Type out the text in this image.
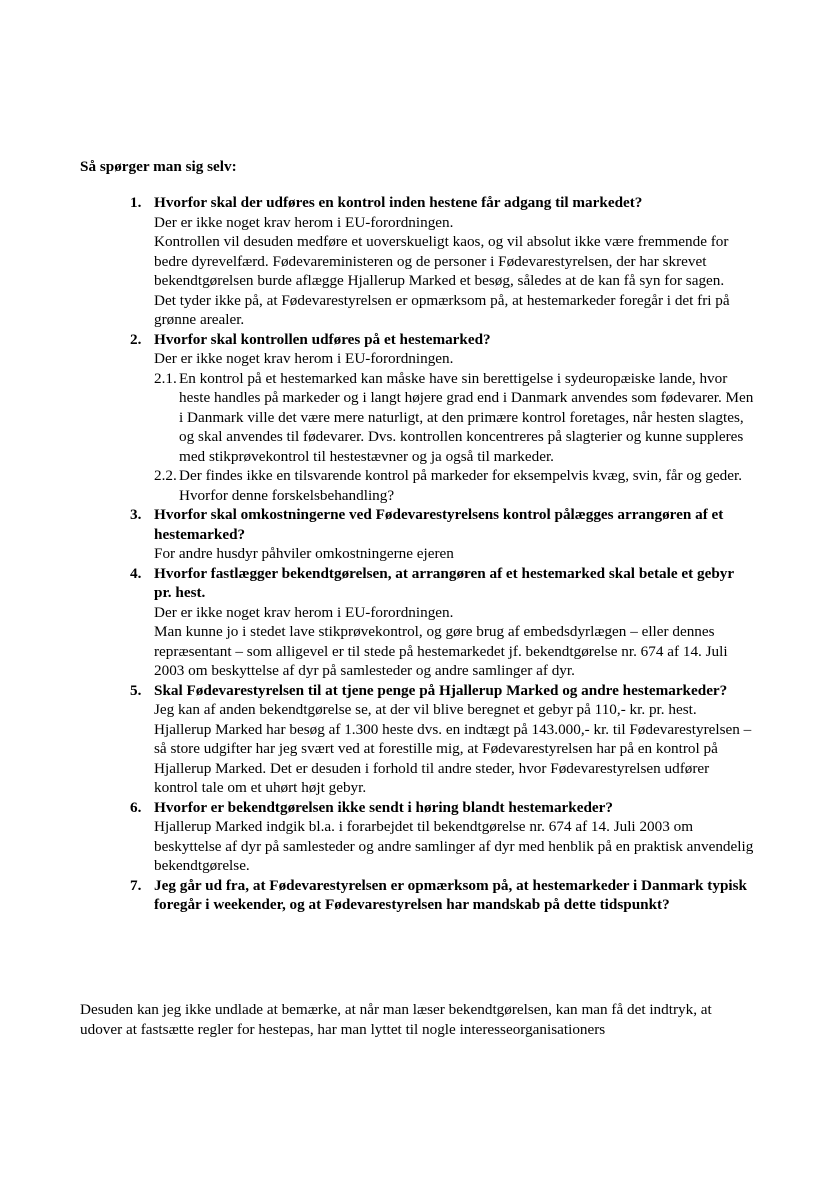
Så spørger man sig selv:

1. Hvorfor skal der udføres en kontrol inden hestene får adgang til markedet?
Der er ikke noget krav herom i EU-forordningen.
Kontrollen vil desuden medføre et uoverskueligt kaos, og vil absolut ikke være fremmende for bedre dyrevelfærd. Fødevareministeren og de personer i Fødevarestyrelsen, der har skrevet bekendtgørelsen burde aflægge Hjallerup Marked et besøg, således at de kan få syn for sagen.
Det tyder ikke på, at Fødevarestyrelsen er opmærksom på, at hestemarkeder foregår i det fri på grønne arealer.
2. Hvorfor skal kontrollen udføres på et hestemarked?
Der er ikke noget krav herom i EU-forordningen.
2.1. En kontrol på et hestemarked kan måske have sin berettigelse i sydeuropæiske lande, hvor heste handles på markeder og i langt højere grad end i Danmark anvendes som fødevarer. Men i Danmark ville det være mere naturligt, at den primære kontrol foretages, når hesten slagtes, og skal anvendes til fødevarer. Dvs. kontrollen koncentreres på slagterier og kunne suppleres med stikprøvekontrol til hestestævner og ja også til markeder.
2.2. Der findes ikke en tilsvarende kontrol på markeder for eksempelvis kvæg, svin, får og geder. Hvorfor denne forskelsbehandling?
3. Hvorfor skal omkostningerne ved Fødevarestyrelsens kontrol pålægges arrangøren af et hestemarked?
For andre husdyr påhviler omkostningerne ejeren
4. Hvorfor fastlægger bekendtgørelsen, at arrangøren af et hestemarked skal betale et gebyr pr. hest.
Der er ikke noget krav herom i EU-forordningen.
Man kunne jo i stedet lave stikprøvekontrol, og gøre brug af embedsdyrlægen – eller dennes repræsentant – som alligevel er til stede på hestemarkedet jf. bekendtgørelse nr. 674 af 14. Juli 2003 om beskyttelse af dyr på samlesteder og andre samlinger af dyr.
5. Skal Fødevarestyrelsen til at tjene penge på Hjallerup Marked og andre hestemarkeder?
Jeg kan af anden bekendtgørelse se, at der vil blive beregnet et gebyr på 110,- kr. pr. hest. Hjallerup Marked har besøg af 1.300 heste dvs. en indtægt på 143.000,- kr. til Fødevarestyrelsen – så store udgifter har jeg svært ved at forestille mig, at Fødevarestyrelsen har på en kontrol på Hjallerup Marked. Det er desuden i forhold til andre steder, hvor Fødevarestyrelsen udfører kontrol tale om et uhørt højt gebyr.
6. Hvorfor er bekendtgørelsen ikke sendt i høring blandt hestemarkeder?
Hjallerup Marked indgik bl.a. i forarbejdet til bekendtgørelse nr. 674 af 14. Juli 2003 om beskyttelse af dyr på samlesteder og andre samlinger af dyr med henblik på en praktisk anvendelig bekendtgørelse.
7. Jeg går ud fra, at Fødevarestyrelsen er opmærksom på, at hestemarkeder i Danmark typisk foregår i weekender, og at Fødevarestyrelsen har mandskab på dette tidspunkt?

Desuden kan jeg ikke undlade at bemærke, at når man læser bekendtgørelsen, kan man få det indtryk, at udover at fastsætte regler for hestepas, har man lyttet til nogle interesseorganisationers
